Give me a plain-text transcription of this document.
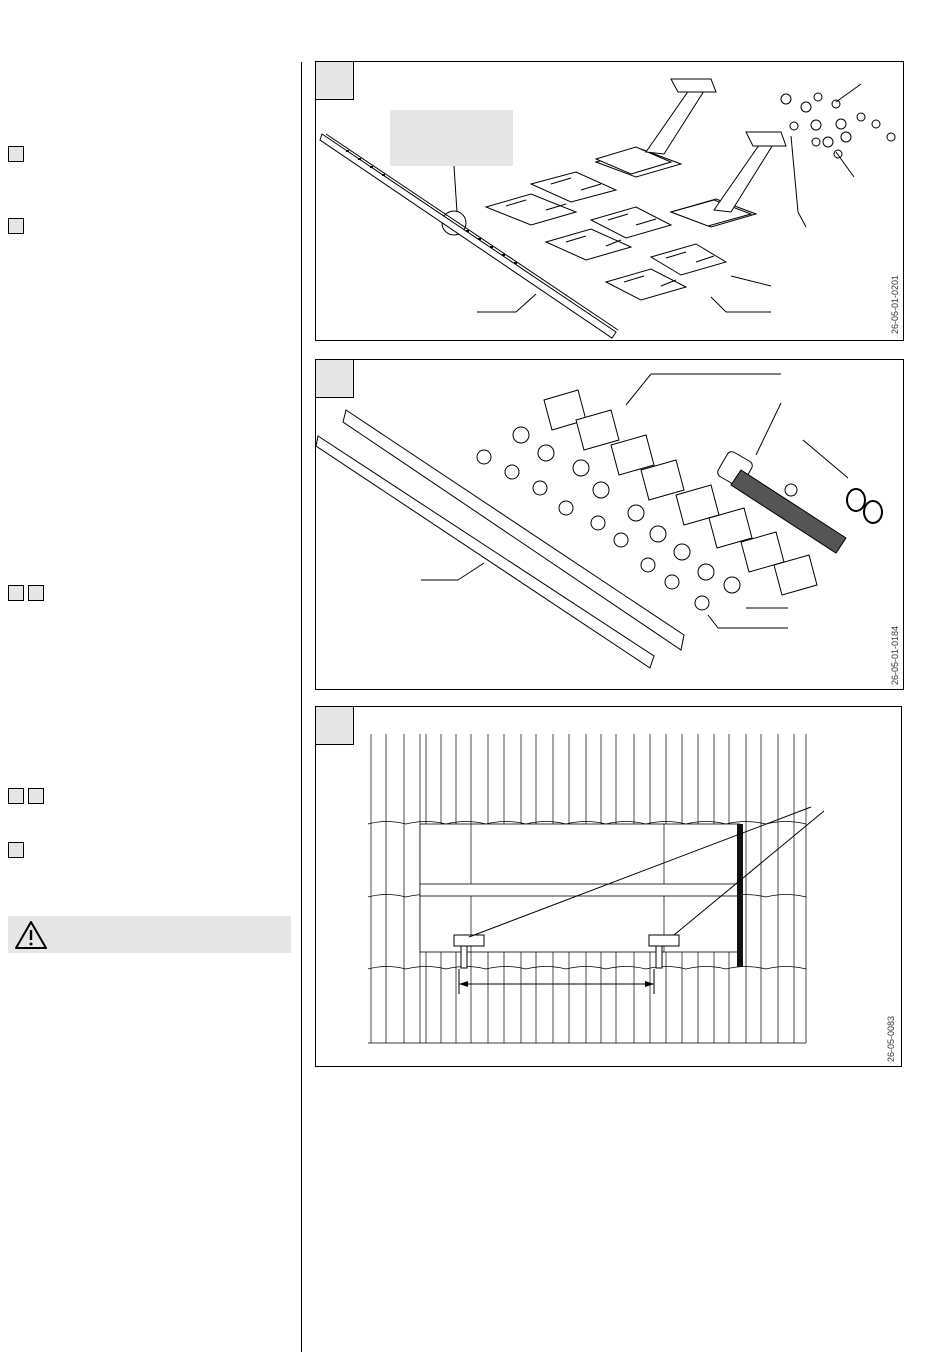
26-05-01-0201
26-05-01-0184
26-05-0083
